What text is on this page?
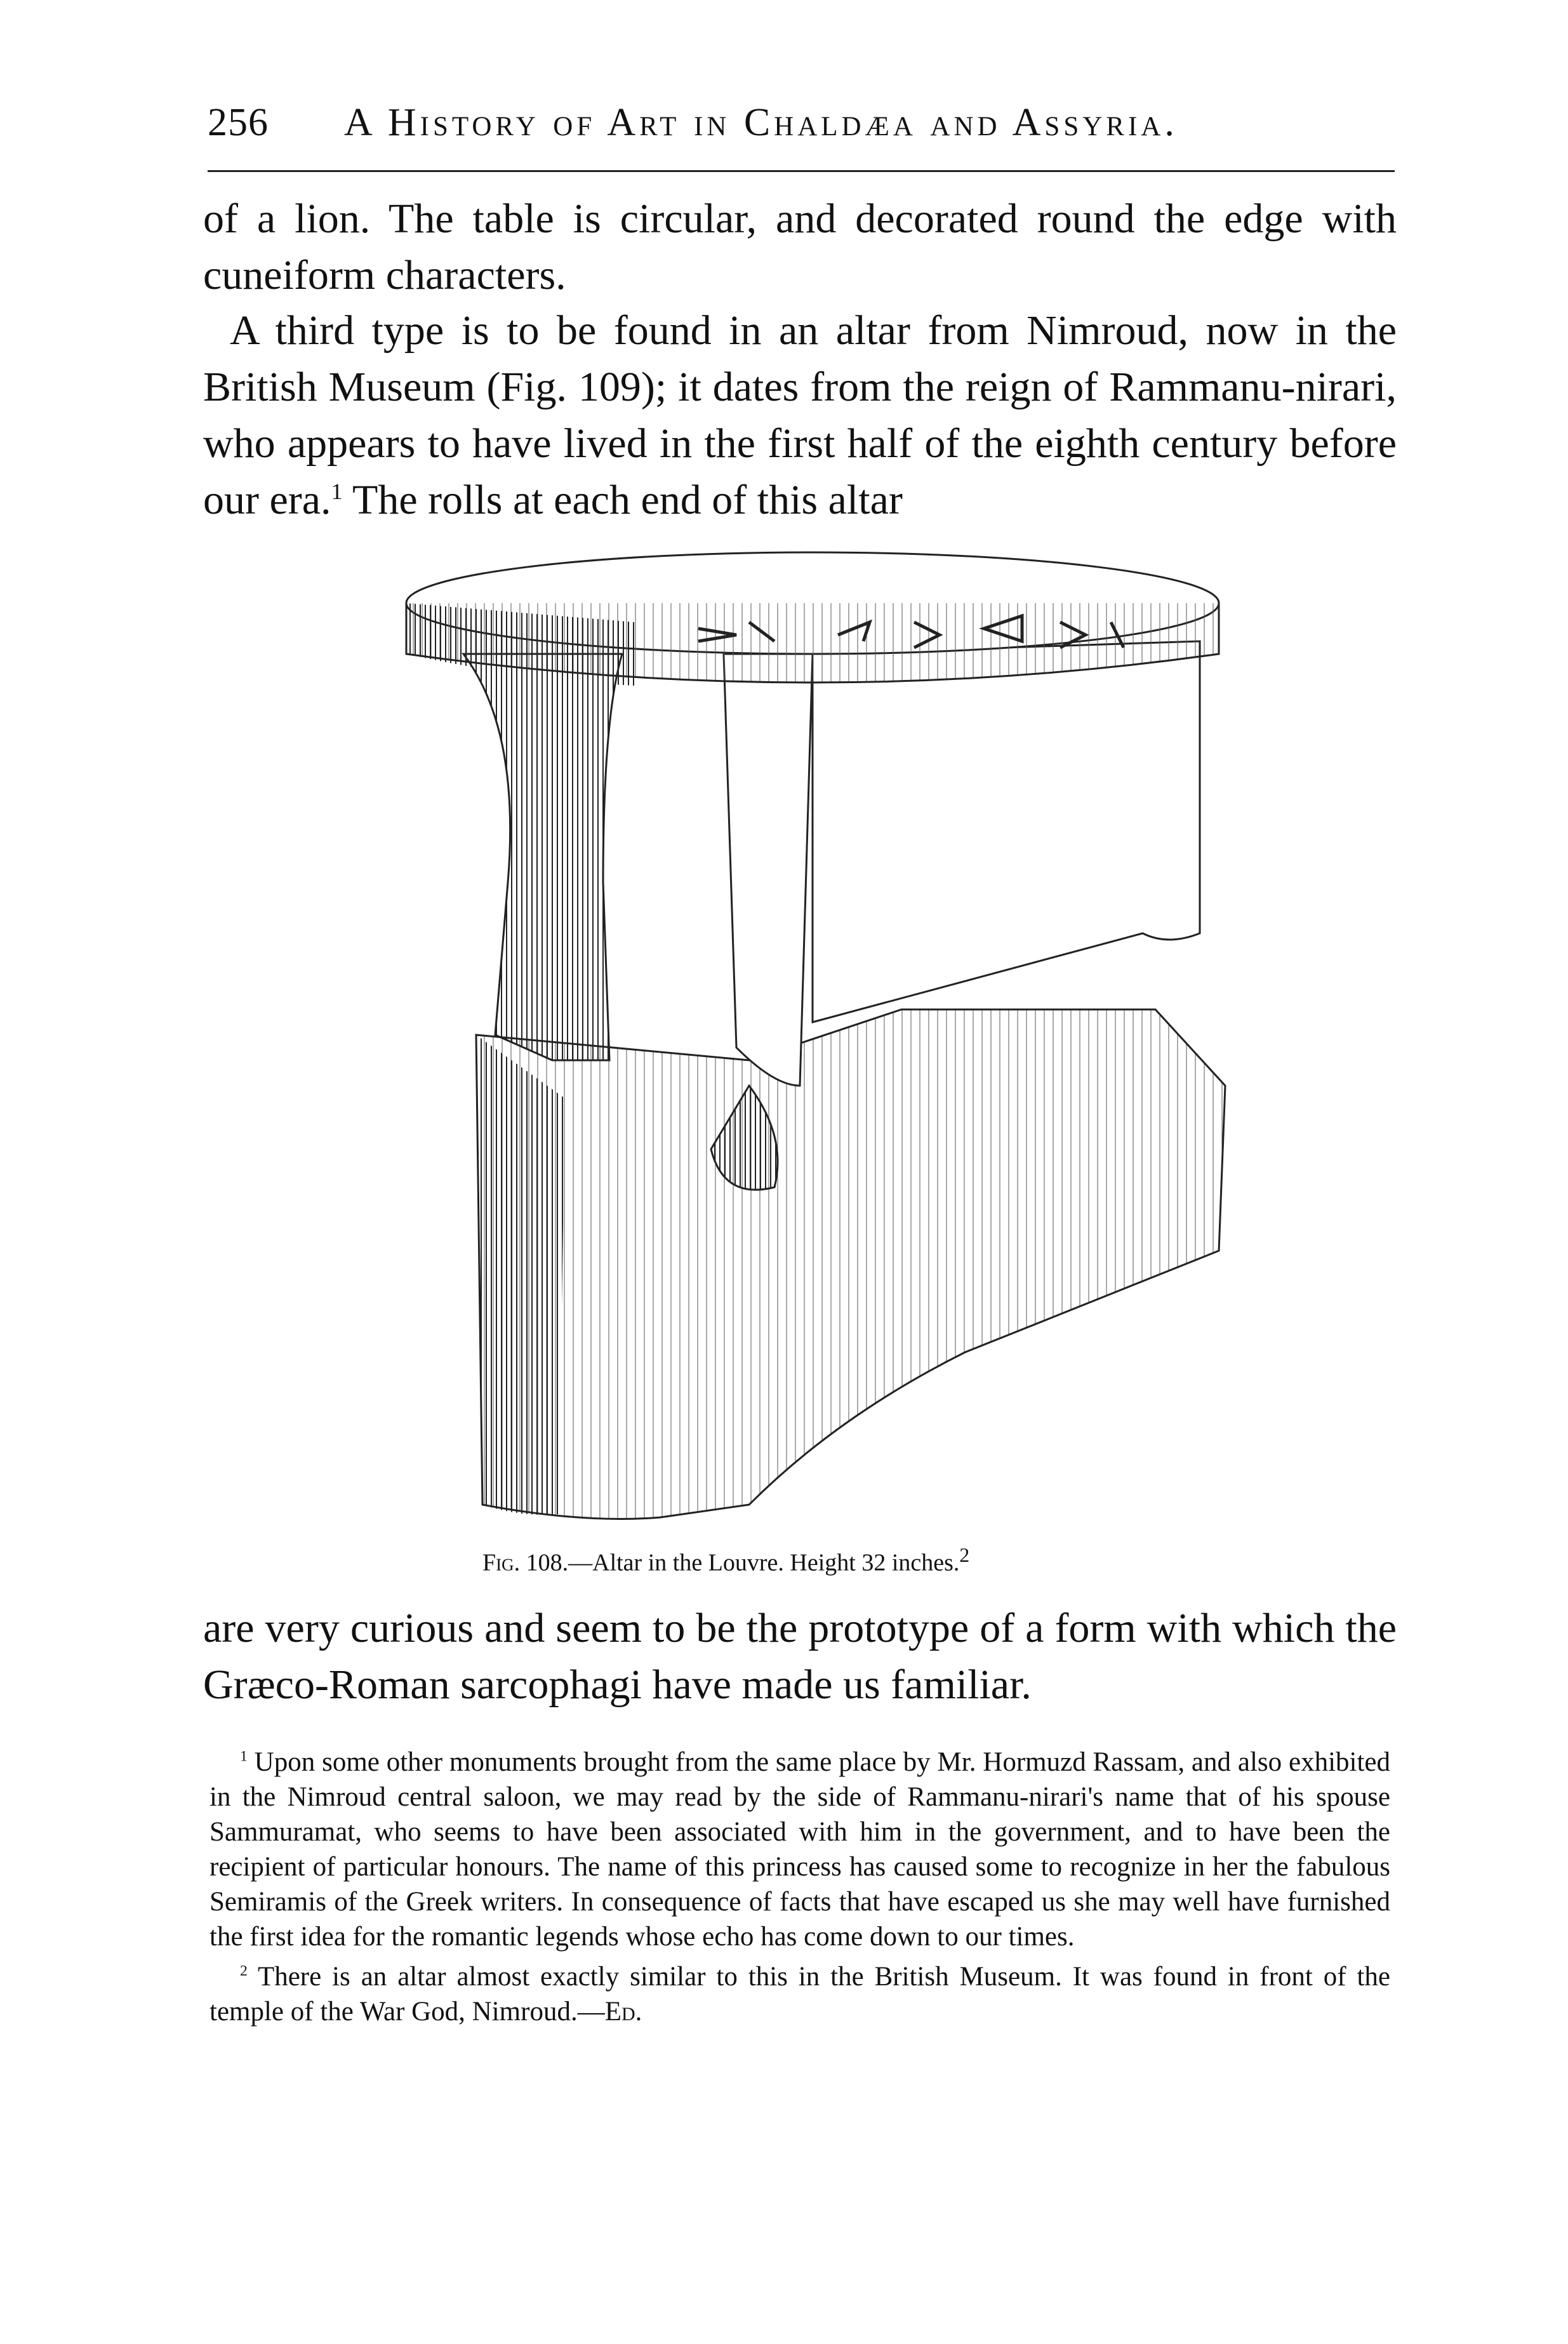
256 A History of Art in Chaldæa and Assyria.

of a lion. The table is circular, and decorated round the edge with cuneiform characters.

A third type is to be found in an altar from Nimroud, now in the British Museum (Fig. 109); it dates from the reign of Rammanu-nirari, who appears to have lived in the first half of the eighth century before our era.$^1$ The rolls at each end of this altar

Fig. 108.—Altar in the Louvre. Height 32 inches.$^2$

are very curious and seem to be the prototype of a form with which the Græco-Roman sarcophagi have made us familiar.

$^1$ Upon some other monuments brought from the same place by Mr. Hormuzd Rassam, and also exhibited in the Nimroud central saloon, we may read by the side of Rammanu-nirari's name that of his spouse Sammuramat, who seems to have been associated with him in the government, and to have been the recipient of particular honours. The name of this princess has caused some to recognize in her the fabulous Semiramis of the Greek writers. In consequence of facts that have escaped us she may well have furnished the first idea for the romantic legends whose echo has come down to our times.

$^2$ There is an altar almost exactly similar to this in the British Museum. It was found in front of the temple of the War God, Nimroud.—Ed.
